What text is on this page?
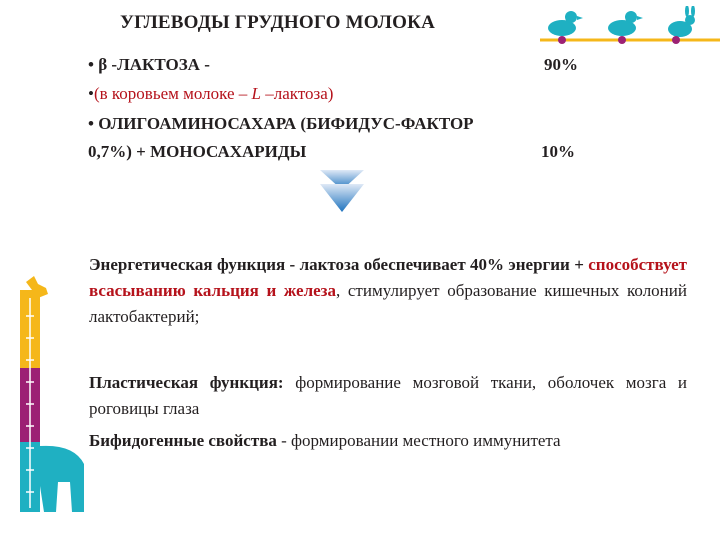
УГЛЕВОДЫ ГРУДНОГО МОЛОКА
• β -ЛАКТОЗА -	90%
•(в коровьем молоке – L –лактоза)
• ОЛИГОАМИНОСАХАРА (БИФИДУС-ФАКТОР
0,7%) + МОНОСАХАРИДЫ	10%
Энергетическая функция - лактоза обеспечивает 40% энергии + способствует всасыванию кальция и железа, стимулирует образование кишечных колоний лактобактерий;
Пластическая функция: формирование мозговой ткани, оболочек мозга и роговицы глаза
Бифидогенные свойства - формировании местного иммунитета
